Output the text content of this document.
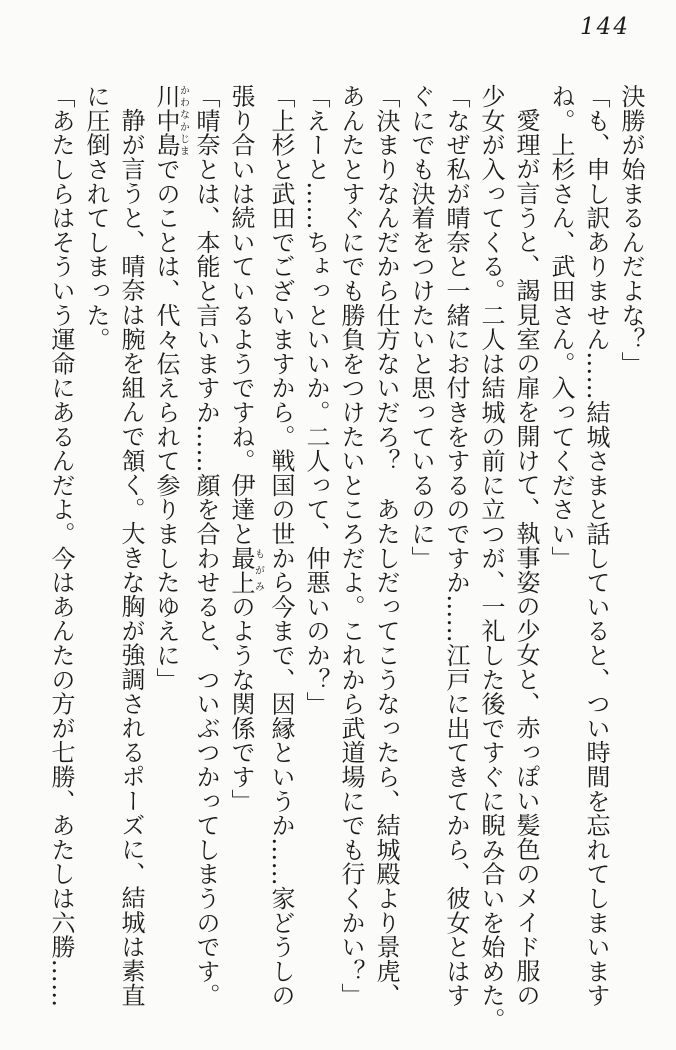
144
決勝が始まるんだよな？」
「も、申し訳ありません……結城さまと話していると、つい時間を忘れてしまいます
ね。上杉さん、武田さん。入ってください」
愛理が言うと、謁見室の扉を開けて、執事姿の少女と、赤っぽい髪色のメイド服の
少女が入ってくる。二人は結城の前に立つが、一礼した後ですぐに睨み合いを始めた。
「なぜ私が晴奈と一緒にお付きをするのですか……江戸に出てきてから、彼女とはす
ぐにでも決着をつけたいと思っているのに」
「決まりなんだから仕方ないだろ？　あたしだってこうなったら、結城殿より景虎、
あんたとすぐにでも勝負をつけたいところだよ。これから武道場にでも行くかい？」
「えーと……ちょっといいか。二人って、仲悪いのか？」
「上杉と武田でございますから。戦国の世から今まで、因縁というか……家どうしの
張り合いは続いているようですね。伊達と最上もがみのような関係です」
「晴奈とは、本能と言いますか……顔を合わせると、ついぶつかってしまうのです。
川中島かわなかじまでのことは、代々伝えられて参りましたゆえに」
静が言うと、晴奈は腕を組んで頷く。大きな胸が強調されるポーズに、結城は素直
に圧倒されてしまった。
「あたしらはそういう運命にあるんだよ。今はあんたの方が七勝、あたしは六勝……
